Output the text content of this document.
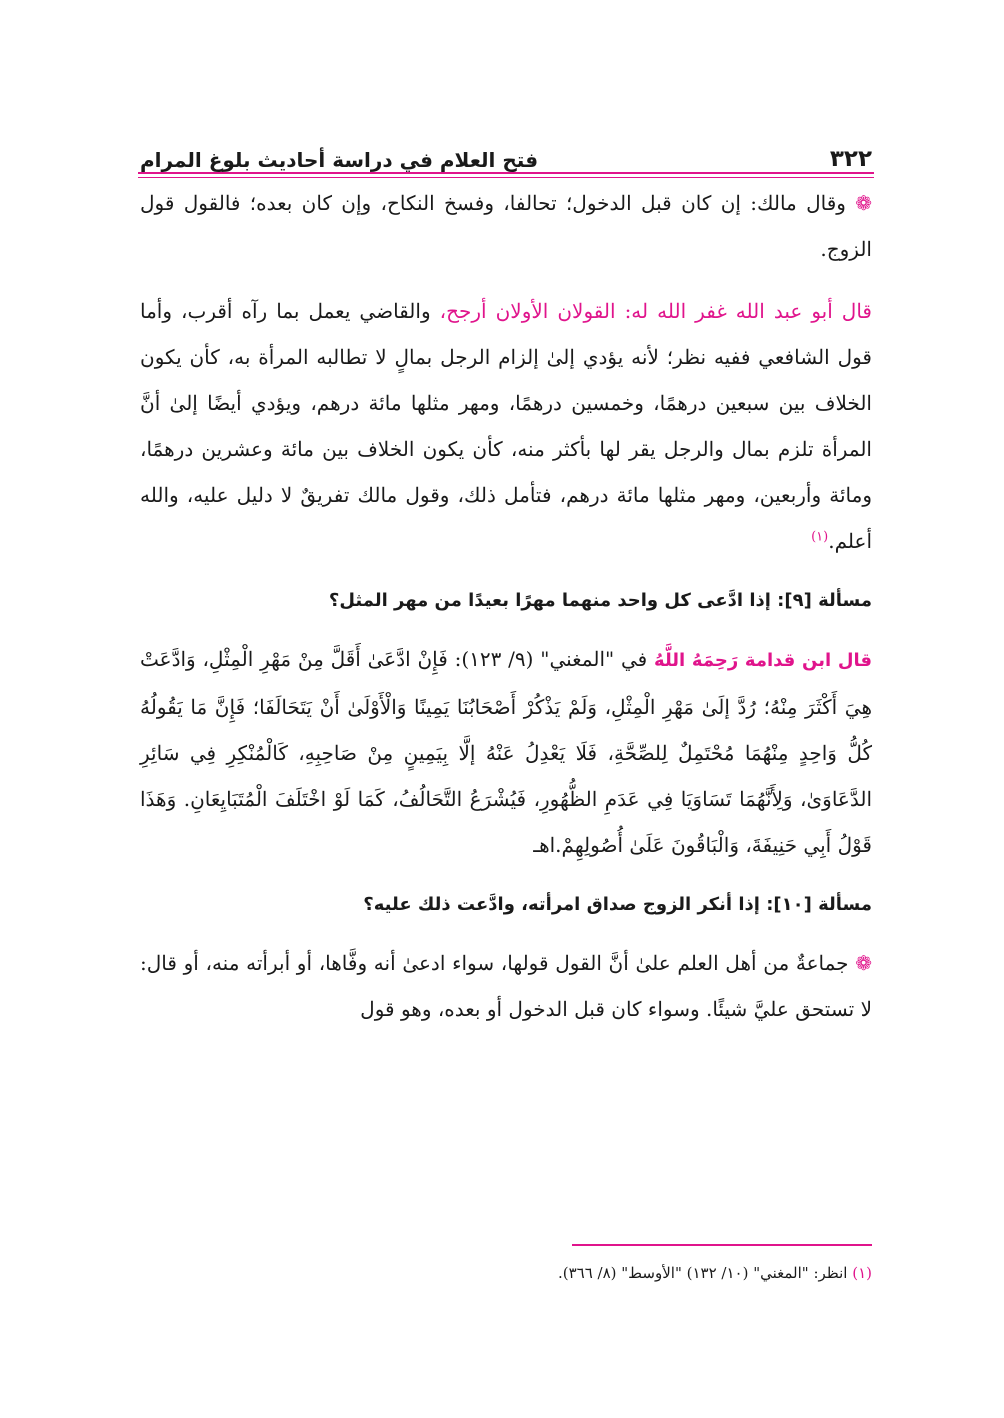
٣٢٢
فتح العلام في دراسة أحاديث بلوغ المرام

❁ وقال مالك: إن كان قبل الدخول؛ تحالفا، وفسخ النكاح، وإن كان بعده؛ فالقول قول الزوج.

قال أبو عبد الله غفر الله له: القولان الأولان أرجح، والقاضي يعمل بما رآه أقرب، وأما قول الشافعي ففيه نظر؛ لأنه يؤدي إلىٰ إلزام الرجل بمالٍ لا تطالبه المرأة به، كأن يكون الخلاف بين سبعين درهمًا، وخمسين درهمًا، ومهر مثلها مائة درهم، ويؤدي أيضًا إلىٰ أنَّ المرأة تلزم بمال والرجل يقر لها بأكثر منه، كأن يكون الخلاف بين مائة وعشرين درهمًا، ومائة وأربعين، ومهر مثلها مائة درهم، فتأمل ذلك، وقول مالك تفريقٌ لا دليل عليه، والله أعلم.$^{(١)}$

مسألة [٩]: إذا ادَّعى كل واحد منهما مهرًا بعيدًا من مهر المثل؟

قال ابن قدامة رَحِمَهُ اللَّهُ في "المغني" (٩/ ١٢٣): فَإِنْ ادَّعَىٰ أَقَلَّ مِنْ مَهْرِ الْمِثْلِ، وَادَّعَتْ هِيَ أَكْثَرَ مِنْهُ؛ رُدَّ إلَىٰ مَهْرِ الْمِثْلِ، وَلَمْ يَذْكُرْ أَصْحَابُنَا يَمِينًا وَالْأَوْلَىٰ أَنْ يَتَحَالَفَا؛ فَإِنَّ مَا يَقُولُهُ كُلُّ وَاحِدٍ مِنْهُمَا مُحْتَمِلٌ لِلصِّحَّةِ، فَلَا يَعْدِلُ عَنْهُ إلَّا بِيَمِينٍ مِنْ صَاحِبِهِ، كَالْمُنْكِرِ فِي سَائِرِ الدَّعَاوَىٰ، وَلِأَنَّهُمَا تَسَاوَيَا فِي عَدَمِ الظُّهُورِ، فَيُشْرَعُ التَّحَالُفُ، كَمَا لَوْ اخْتَلَفَ الْمُتَبَايِعَانِ. وَهَذَا قَوْلُ أَبِي حَنِيفَةَ، وَالْبَاقُونَ عَلَىٰ أُصُولِهِمْ.اهـ

مسألة [١٠]: إذا أنكر الزوج صداق امرأته، وادَّعت ذلك عليه؟

❁ جماعةٌ من أهل العلم علىٰ أنَّ القول قولها، سواء ادعىٰ أنه وفَّاها، أو أبرأته منه، أو قال: لا تستحق عليَّ شيئًا. وسواء كان قبل الدخول أو بعده، وهو قول

(١) انظر: "المغني" (١٠/ ١٣٢) "الأوسط" (٨/ ٣٦٦).
